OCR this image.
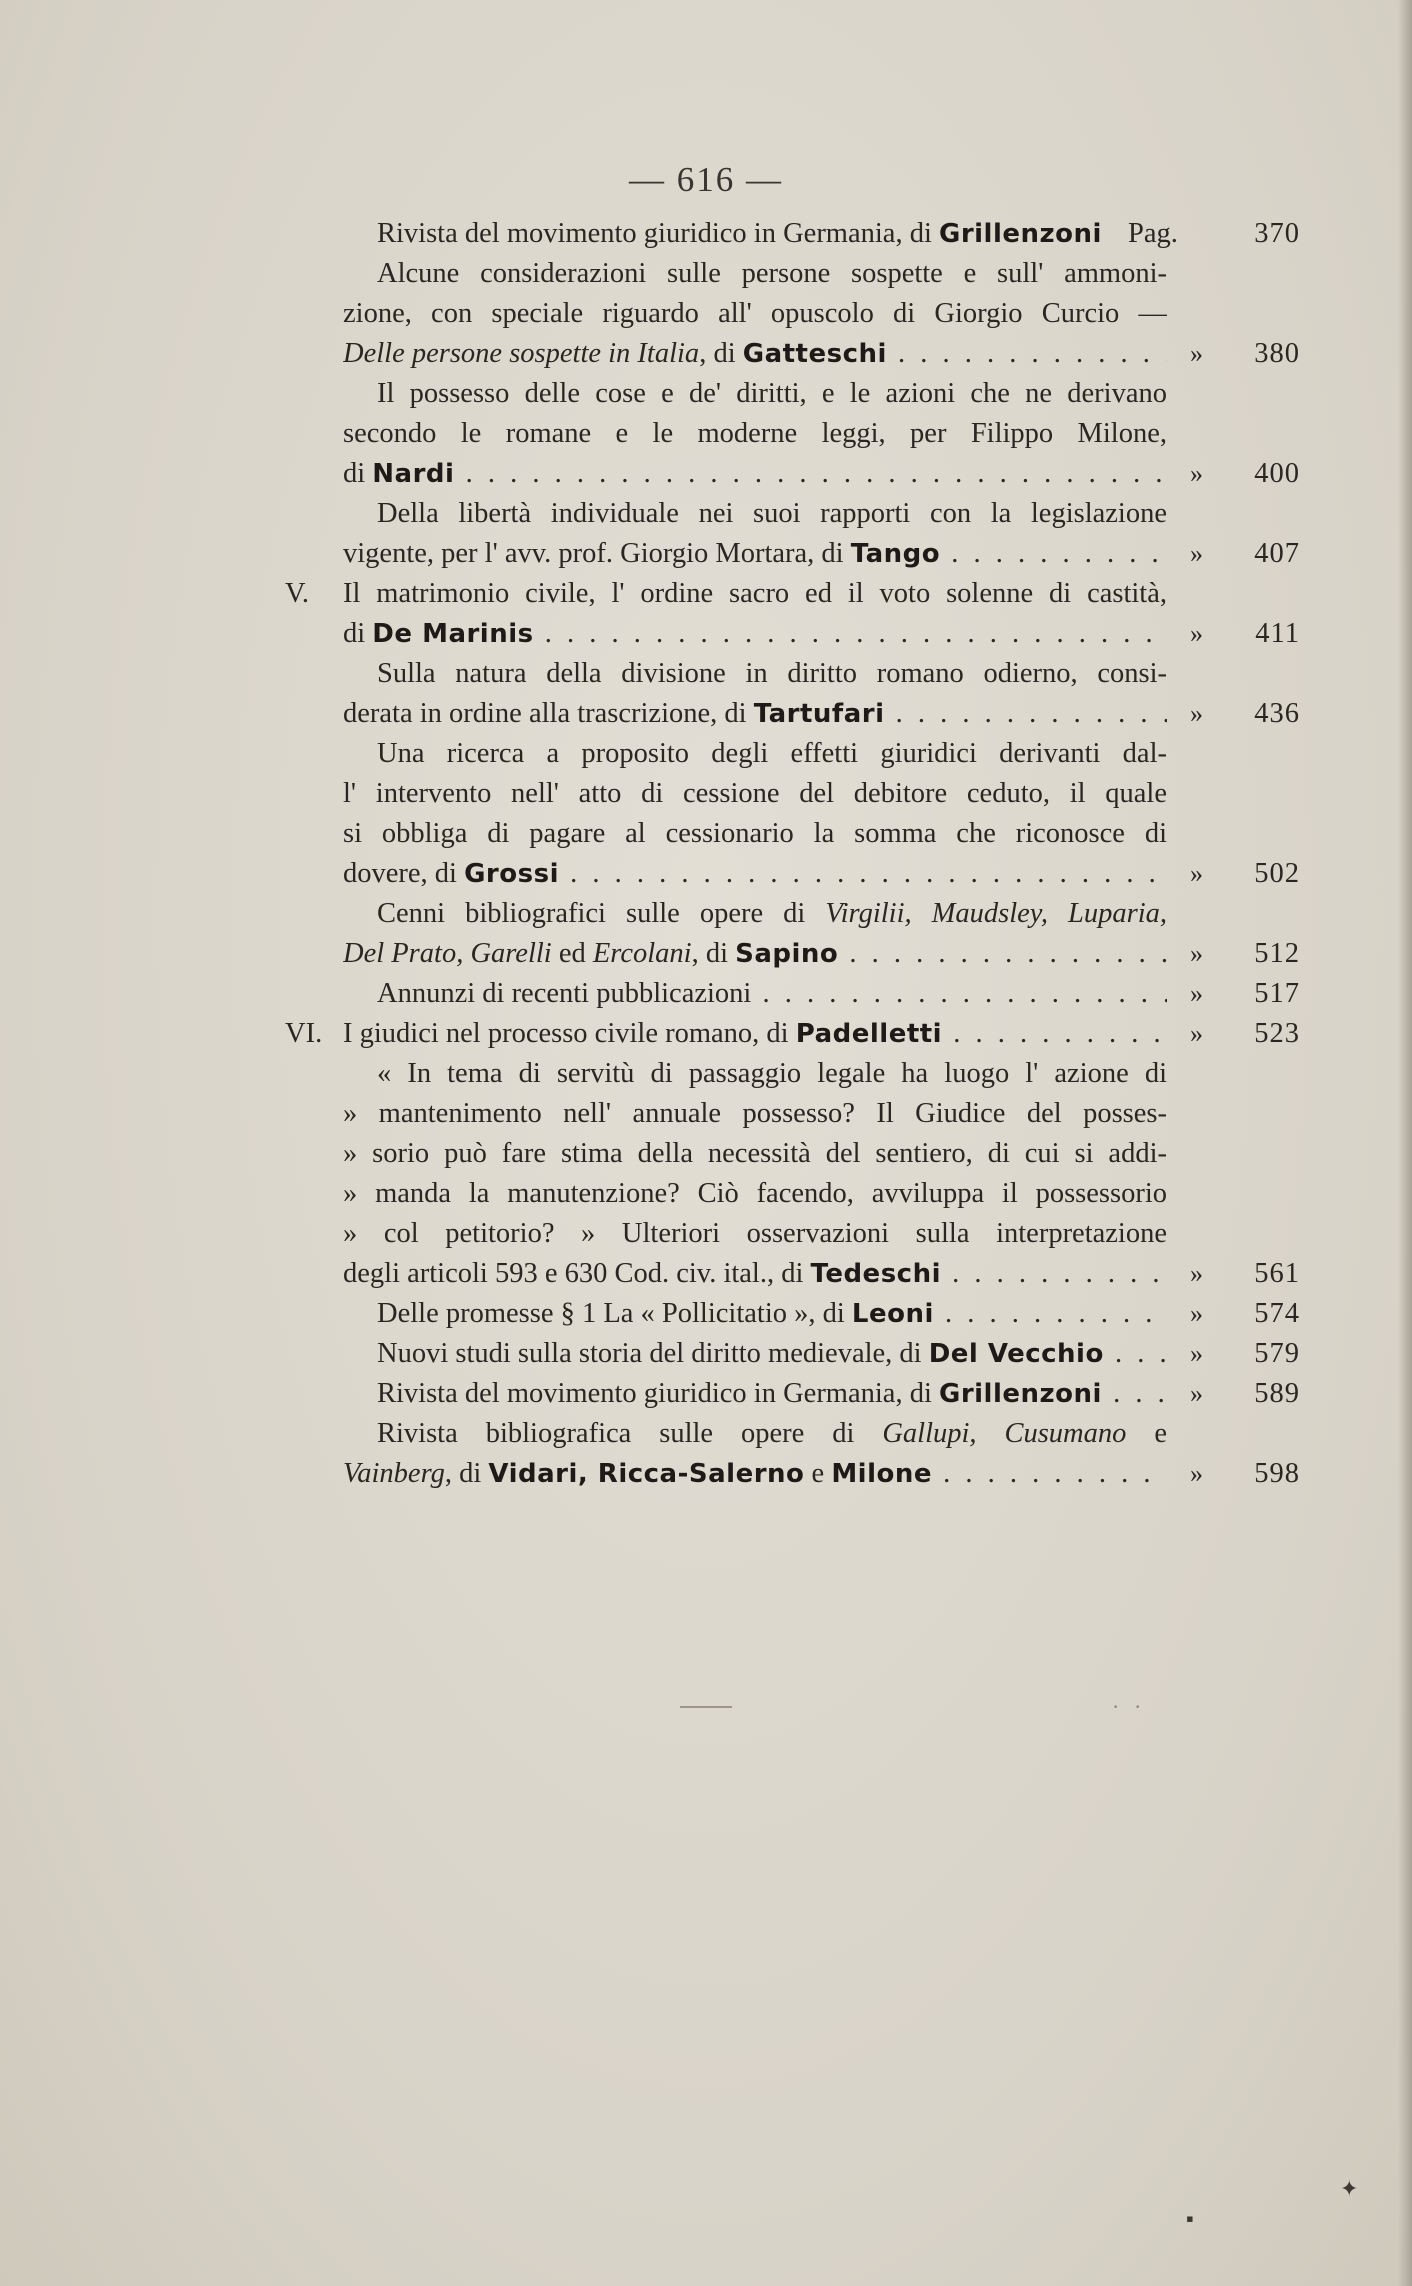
— 616 —
Rivista del movimento giuridico in Germania, di Grillenzoni Pag.	370
Alcune considerazioni sulle persone sospette e sull' ammoni-
zione, con speciale riguardo all' opuscolo di Giorgio Curcio —
Delle persone sospette in Italia, di Gatteschi . . .	» 380
Il possesso delle cose e de' diritti, e le azioni che ne derivano
secondo le romane e le moderne leggi, per Filippo Milone,
di Nardi . . .	» 400
Della libertà individuale nei suoi rapporti con la legislazione
vigente, per l' avv. prof. Giorgio Mortara, di Tango . . .	» 407
V. Il matrimonio civile, l' ordine sacro ed il voto solenne di castità,
di De Marinis . . .	» 411
Sulla natura della divisione in diritto romano odierno, consi-
derata in ordine alla trascrizione, di Tartufari . . .	» 436
Una ricerca a proposito degli effetti giuridici derivanti dal-
l' intervento nell' atto di cessione del debitore ceduto, il quale
si obbliga di pagare al cessionario la somma che riconosce di
dovere, di Grossi . . .	» 502
Cenni bibliografici sulle opere di Virgilii, Maudsley, Luparia,
Del Prato, Garelli ed Ercolani, di Sapino . . .	» 512
Annunzi di recenti pubblicazioni . . .	» 517
VI. I giudici nel processo civile romano, di Padelletti . . .	» 523
« In tema di servitù di passaggio legale ha luogo l' azione di
» mantenimento nell' annuale possesso? Il Giudice del posses-
» sorio può fare stima della necessità del sentiero, di cui si addi-
» manda la manutenzione? Ciò facendo, avviluppa il possessorio
» col petitorio? » Ulteriori osservazioni sulla interpretazione
degli articoli 593 e 630 Cod. civ. ital., di Tedeschi . . .	» 561
Delle promesse § 1 La « Pollicitatio », di Leoni . . .	» 574
Nuovi studi sulla storia del diritto medievale, di Del Vecchio . . .	» 579
Rivista del movimento giuridico in Germania, di Grillenzoni . . .	» 589
Rivista bibliografica sulle opere di Gallupi, Cusumano e
Vainberg, di Vidari, Ricca-Salerno e Milone . . .	» 598
· ·
▪
✦
